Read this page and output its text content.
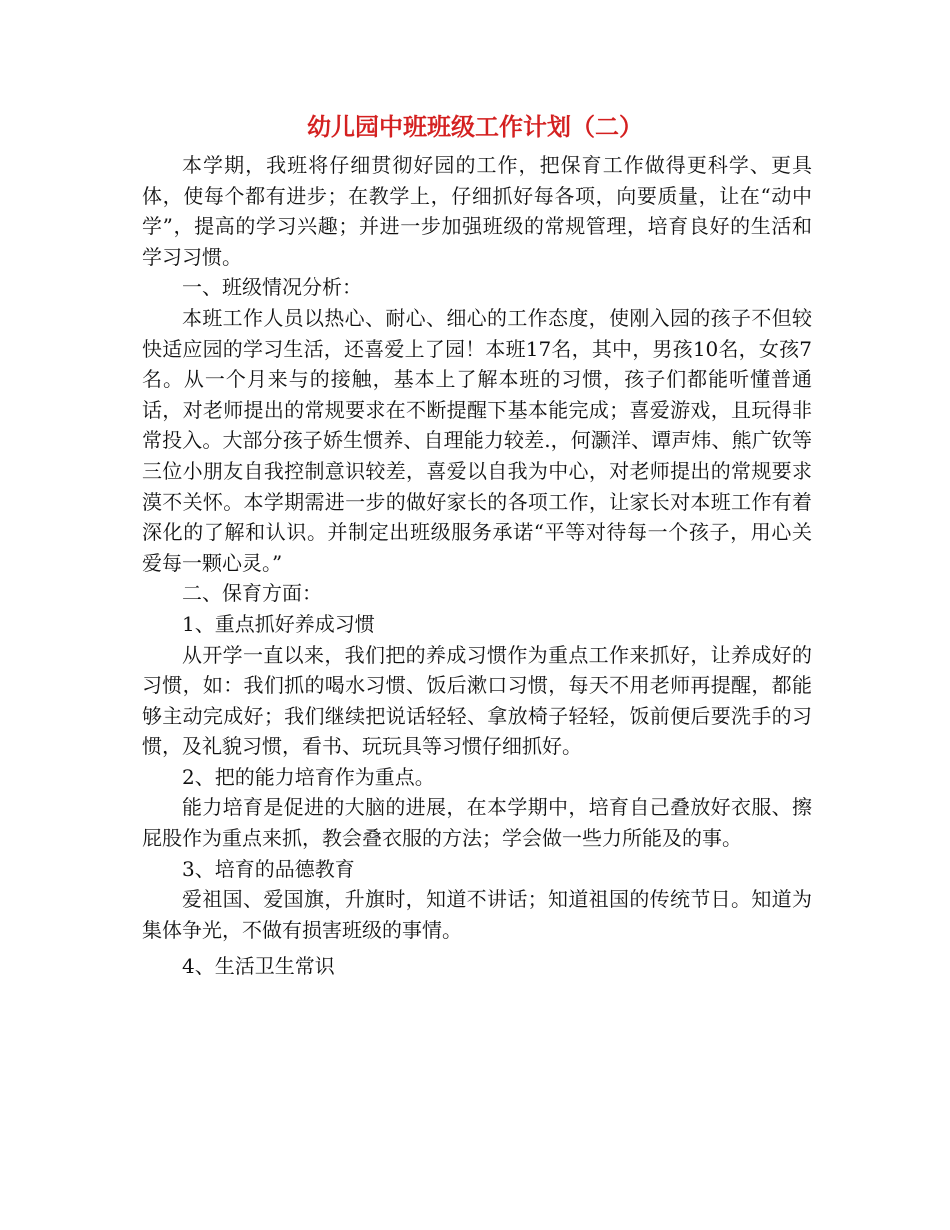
幼儿园中班班级工作计划（二）

本学期，我班将仔细贯彻好园的工作，把保育工作做得更科学、更具体，使每个都有进步；在教学上，仔细抓好每各项，向要质量，让在“动中学”，提高的学习兴趣；并进一步加强班级的常规管理，培育良好的生活和学习习惯。

一、班级情况分析：

本班工作人员以热心、耐心、细心的工作态度，使刚入园的孩子不但较快适应园的学习生活，还喜爱上了园！本班17名，其中，男孩10名，女孩7名。从一个月来与的接触，基本上了解本班的习惯，孩子们都能听懂普通话，对老师提出的常规要求在不断提醒下基本能完成；喜爱游戏，且玩得非常投入。大部分孩子娇生惯养、自理能力较差.，何灏洋、谭声炜、熊广钦等三位小朋友自我控制意识较差，喜爱以自我为中心，对老师提出的常规要求漠不关怀。本学期需进一步的做好家长的各项工作，让家长对本班工作有着深化的了解和认识。并制定出班级服务承诺“平等对待每一个孩子，用心关爱每一颗心灵。”

二、保育方面：

1、重点抓好养成习惯

从开学一直以来，我们把的养成习惯作为重点工作来抓好，让养成好的习惯，如：我们抓的喝水习惯、饭后漱口习惯，每天不用老师再提醒，都能够主动完成好；我们继续把说话轻轻、拿放椅子轻轻，饭前便后要洗手的习惯，及礼貌习惯，看书、玩玩具等习惯仔细抓好。

2、把的能力培育作为重点。

能力培育是促进的大脑的进展，在本学期中，培育自己叠放好衣服、擦屁股作为重点来抓，教会叠衣服的方法；学会做一些力所能及的事。

3、培育的品德教育

爱祖国、爱国旗，升旗时，知道不讲话；知道祖国的传统节日。知道为集体争光，不做有损害班级的事情。

4、生活卫生常识
